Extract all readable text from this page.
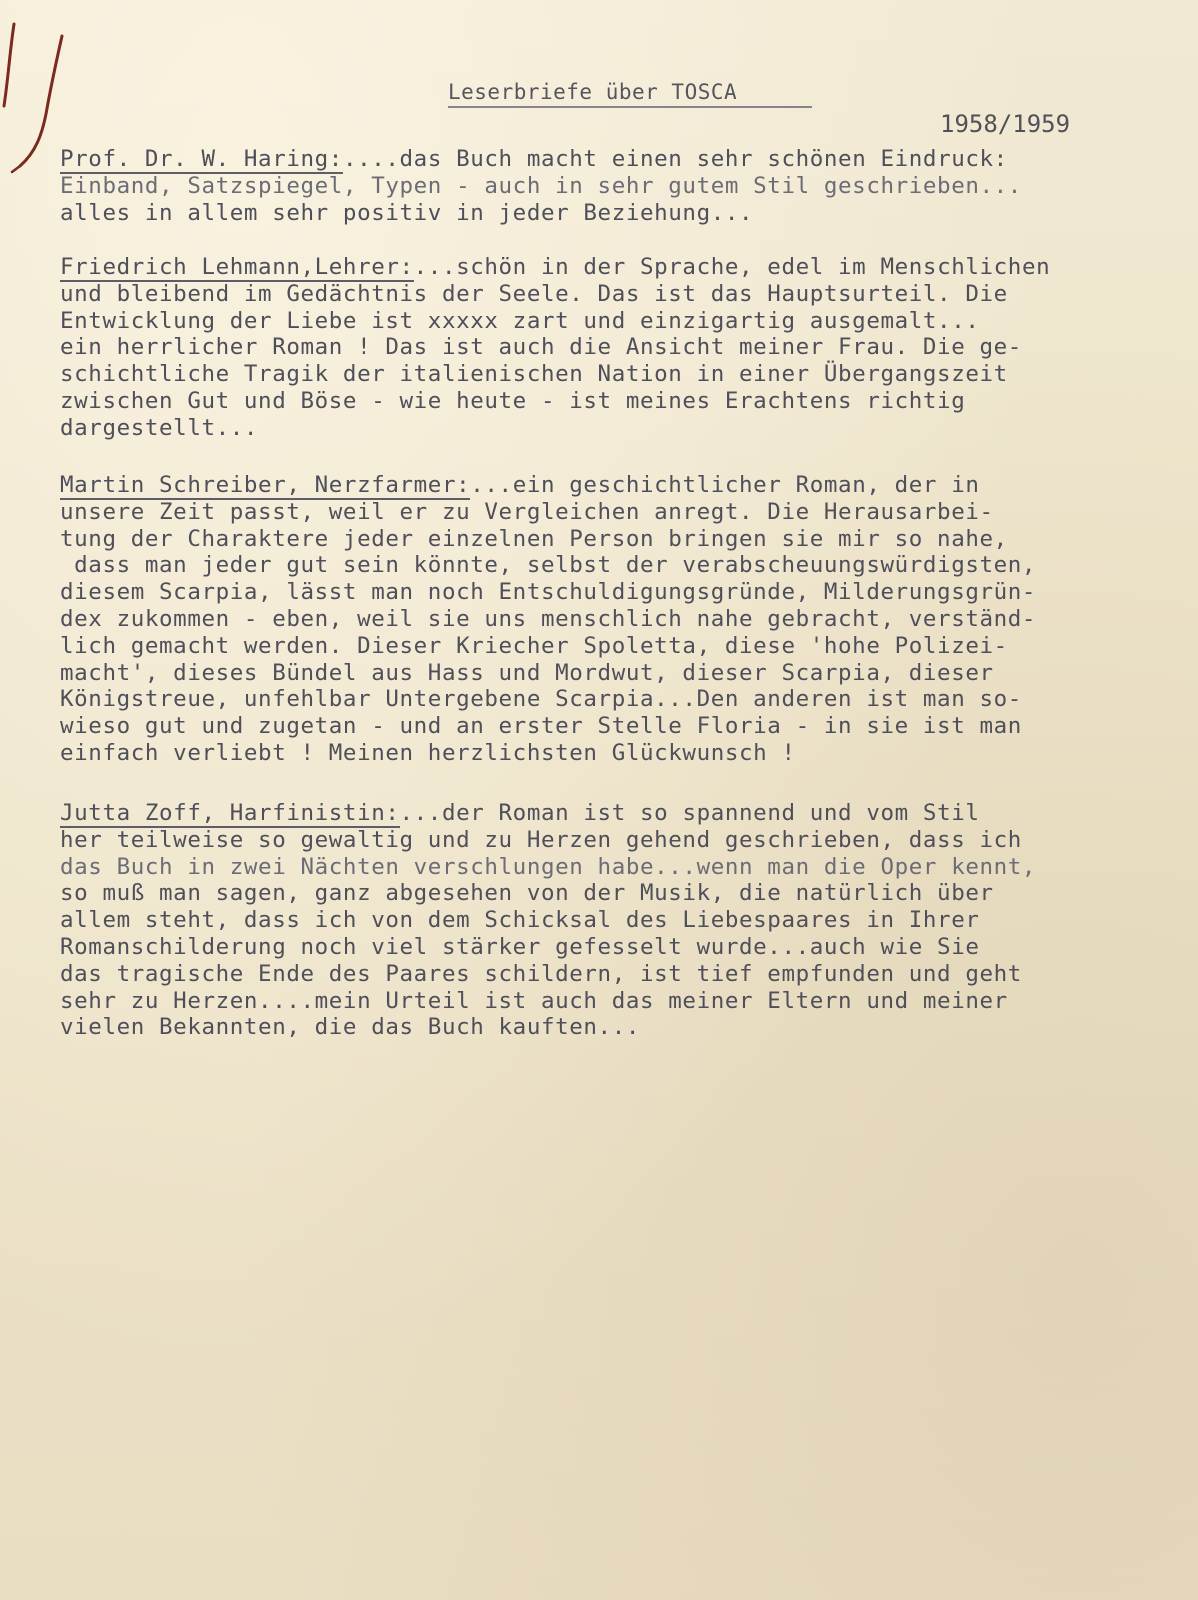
Leserbriefe über TOSCA
1958/1959
Prof. Dr. W. Haring:....das Buch macht einen sehr schönen Eindruck:
Einband, Satzspiegel, Typen - auch in sehr gutem Stil geschrieben...
alles in allem sehr positiv in jeder Beziehung...
Friedrich Lehmann,Lehrer:...schön in der Sprache, edel im Menschlichen
und bleibend im Gedächtnis der Seele. Das ist das Hauptsurteil. Die
Entwicklung der Liebe ist xxxxx zart und einzigartig ausgemalt...
ein herrlicher Roman ! Das ist auch die Ansicht meiner Frau. Die ge-
schichtliche Tragik der italienischen Nation in einer Übergangszeit
zwischen Gut und Böse - wie heute - ist meines Erachtens richtig
dargestellt...
Martin Schreiber, Nerzfarmer:...ein geschichtlicher Roman, der in
unsere Zeit passt, weil er zu Vergleichen anregt. Die Herausarbei-
tung der Charaktere jeder einzelnen Person bringen sie mir so nahe,
dass man jeder gut sein könnte, selbst der verabscheuungswürdigsten,
diesem Scarpia, lässt man noch Entschuldigungsgründe, Milderungsgrün-
dex zukommen - eben, weil sie uns menschlich nahe gebracht, verständ-
lich gemacht werden. Dieser Kriecher Spoletta, diese 'hohe Polizei-
macht', dieses Bündel aus Hass und Mordwut, dieser Scarpia, dieser
Königstreue, unfehlbar Untergebene Scarpia...Den anderen ist man so-
wieso gut und zugetan - und an erster Stelle Floria - in sie ist man
einfach verliebt ! Meinen herzlichsten Glückwunsch !
Jutta Zoff, Harfinistin:...der Roman ist so spannend und vom Stil
her teilweise so gewaltig und zu Herzen gehend geschrieben, dass ich
das Buch in zwei Nächten verschlungen habe...wenn man die Oper kennt,
so muß man sagen, ganz abgesehen von der Musik, die natürlich über
allem steht, dass ich von dem Schicksal des Liebespaares in Ihrer
Romanschilderung noch viel stärker gefesselt wurde...auch wie Sie
das tragische Ende des Paares schildern, ist tief empfunden und geht
sehr zu Herzen....mein Urteil ist auch das meiner Eltern und meiner
vielen Bekannten, die das Buch kauften...
